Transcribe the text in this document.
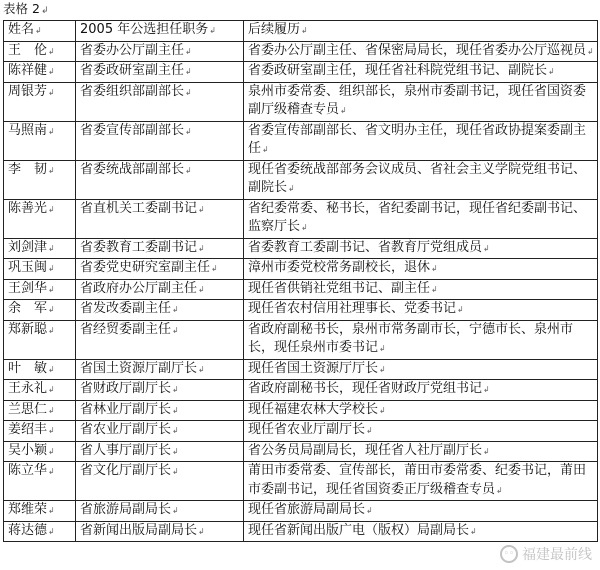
表格 2↲
姓名 ↲	2005 年公选担任职务 ↲	后续履历 ↲
王　伦 ↲	省委办公厅副主任 ↲	省委办公厅副主任、省保密局局长，现任省委办公厅巡视员 ↲
陈祥健 ↲	省委政研室副主任 ↲	省委政研室副主任，现任省社科院党组书记、副院长 ↲
周银芳 ↲	省委组织部副部长 ↲	泉州市委常委、组织部长，泉州市委副书记，现任省国资委副厅级稽查专员 ↲
马照南 ↲	省委宣传部副部长 ↲	省委宣传部副部长、省文明办主任，现任省政协提案委副主任 ↲
李　韧 ↲	省委统战部副部长 ↲	现任省委统战部部务会议成员、省社会主义学院党组书记、副院长 ↲
陈善光 ↲	省直机关工委副书记 ↲	省纪委常委、秘书长，省纪委副书记，现任省纪委副书记、监察厅长 ↲
刘剑津 ↲	省委教育工委副书记 ↲	省委教育工委副书记、省教育厅党组成员 ↲
巩玉闽 ↲	省委党史研究室副主任 ↲	漳州市委党校常务副校长，退休 ↲
王剑华 ↲	省政府办公厅副主任 ↲	现任省供销社党组书记、副主任 ↲
余　军 ↲	省发改委副主任 ↲	现任省农村信用社理事长、党委书记 ↲
郑新聪 ↲	省经贸委副主任 ↲	省政府副秘书长，泉州市常务副市长，宁德市长、泉州市长，现任泉州市委书记 ↲
叶　敏 ↲	省国土资源厅副厅长 ↲	现任省国土资源厅厅长 ↲
王永礼 ↲	省财政厅副厅长 ↲	省政府副秘书长，现任省财政厅党组书记 ↲
兰思仁 ↲	省林业厅副厅长 ↲	现任福建农林大学校长 ↲
姜绍丰 ↲	省农业厅副厅长 ↲	现任省农业厅副厅长 ↲
吴小颖 ↲	省人事厅副厅长 ↲	省公务员局副局长，现任省人社厅副厅长 ↲
陈立华 ↲	省文化厅副厅长 ↲	莆田市委常委、宣传部长，莆田市委常委、纪委书记，莆田市委副书记，现任省国资委正厅级稽查专员 ↲
郑维荣 ↲	省旅游局副局长 ↲	现任省旅游局副局长 ↲
蒋达德 ↲	省新闻出版局副局长 ↲	现任省新闻出版广电（版权）局副局长 ↲
◦◦ 福建最前线
